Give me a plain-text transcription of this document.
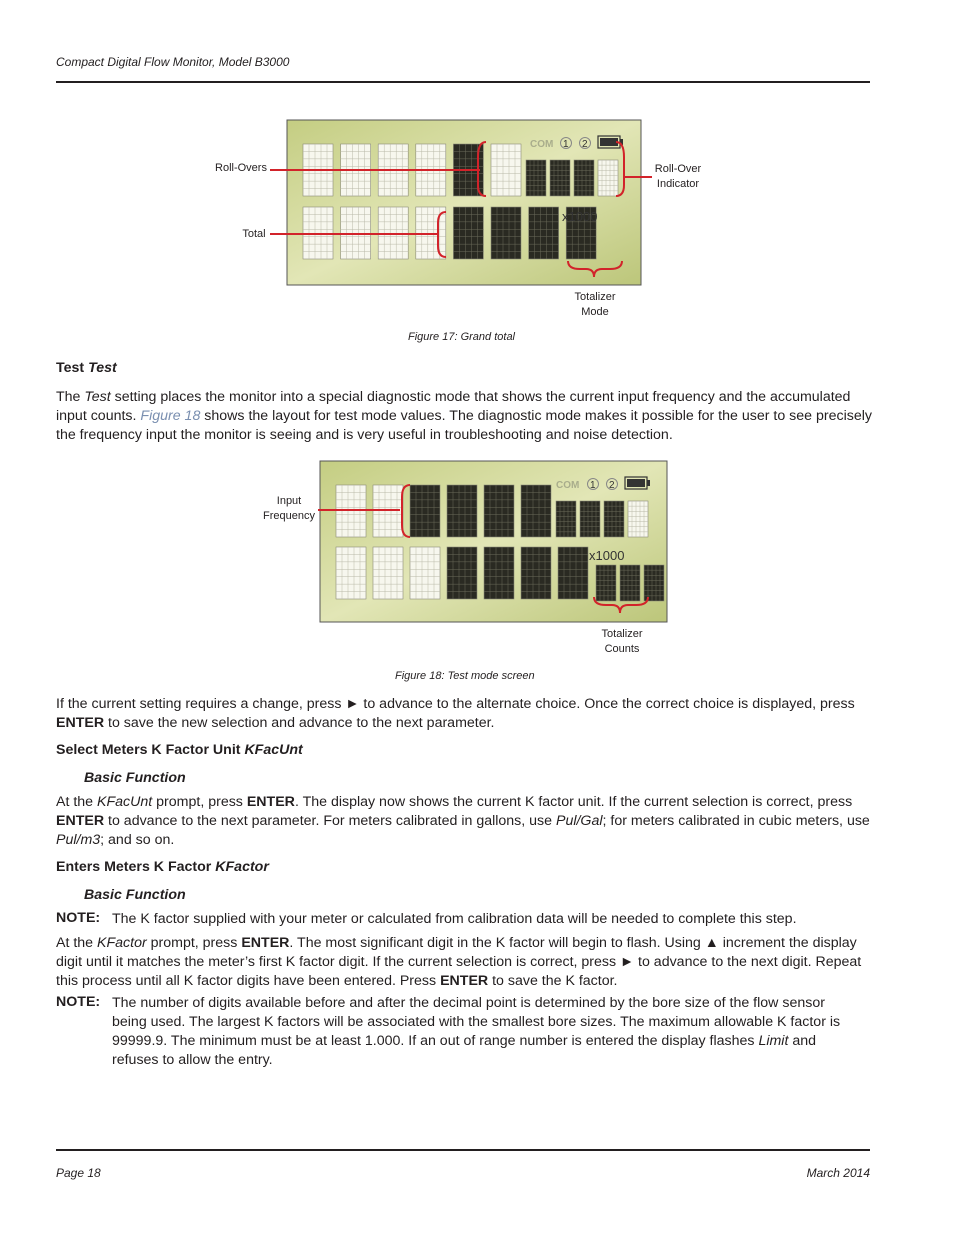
Compact Digital Flow Monitor, Model B3000
COM 1 2
x1000
Roll-Overs
Total
Roll-Over
Indicator
Totalizer
Mode
Figure 17: Grand total
Test Test
The Test setting places the monitor into a special diagnostic mode that shows the current input frequency and the accumulated input counts. Figure 18 shows the layout for test mode values. The diagnostic mode makes it possible for the user to see precisely the frequency input the monitor is seeing and is very useful in troubleshooting and noise detection.
COM 1 2
x1000
Input
Frequency
Totalizer
Counts
Figure 18: Test mode screen
If the current setting requires a change, press ► to advance to the alternate choice. Once the correct choice is displayed, press ENTER to save the new selection and advance to the next parameter.
Select Meters K Factor Unit KFacUnt
Basic Function
At the KFacUnt prompt, press ENTER. The display now shows the current K factor unit. If the current selection is correct, press ENTER to advance to the next parameter. For meters calibrated in gallons, use Pul/Gal; for meters calibrated in cubic meters, use Pul/m3; and so on.
Enters Meters K Factor KFactor
Basic Function
NOTE: The K factor supplied with your meter or calculated from calibration data will be needed to complete this step.
At the KFactor prompt, press ENTER. The most significant digit in the K factor will begin to flash. Using ▲ increment the display digit until it matches the meter’s first K factor digit. If the current selection is correct, press ► to advance to the next digit. Repeat this process until all K factor digits have been entered. Press ENTER to save the K factor.
NOTE: The number of digits available before and after the decimal point is determined by the bore size of the flow sensor being used. The largest K factors will be associated with the smallest bore sizes. The maximum allowable K factor is 99999.9. The minimum must be at least 1.000. If an out of range number is entered the display flashes Limit and refuses to allow the entry.
Page 18	March 2014
